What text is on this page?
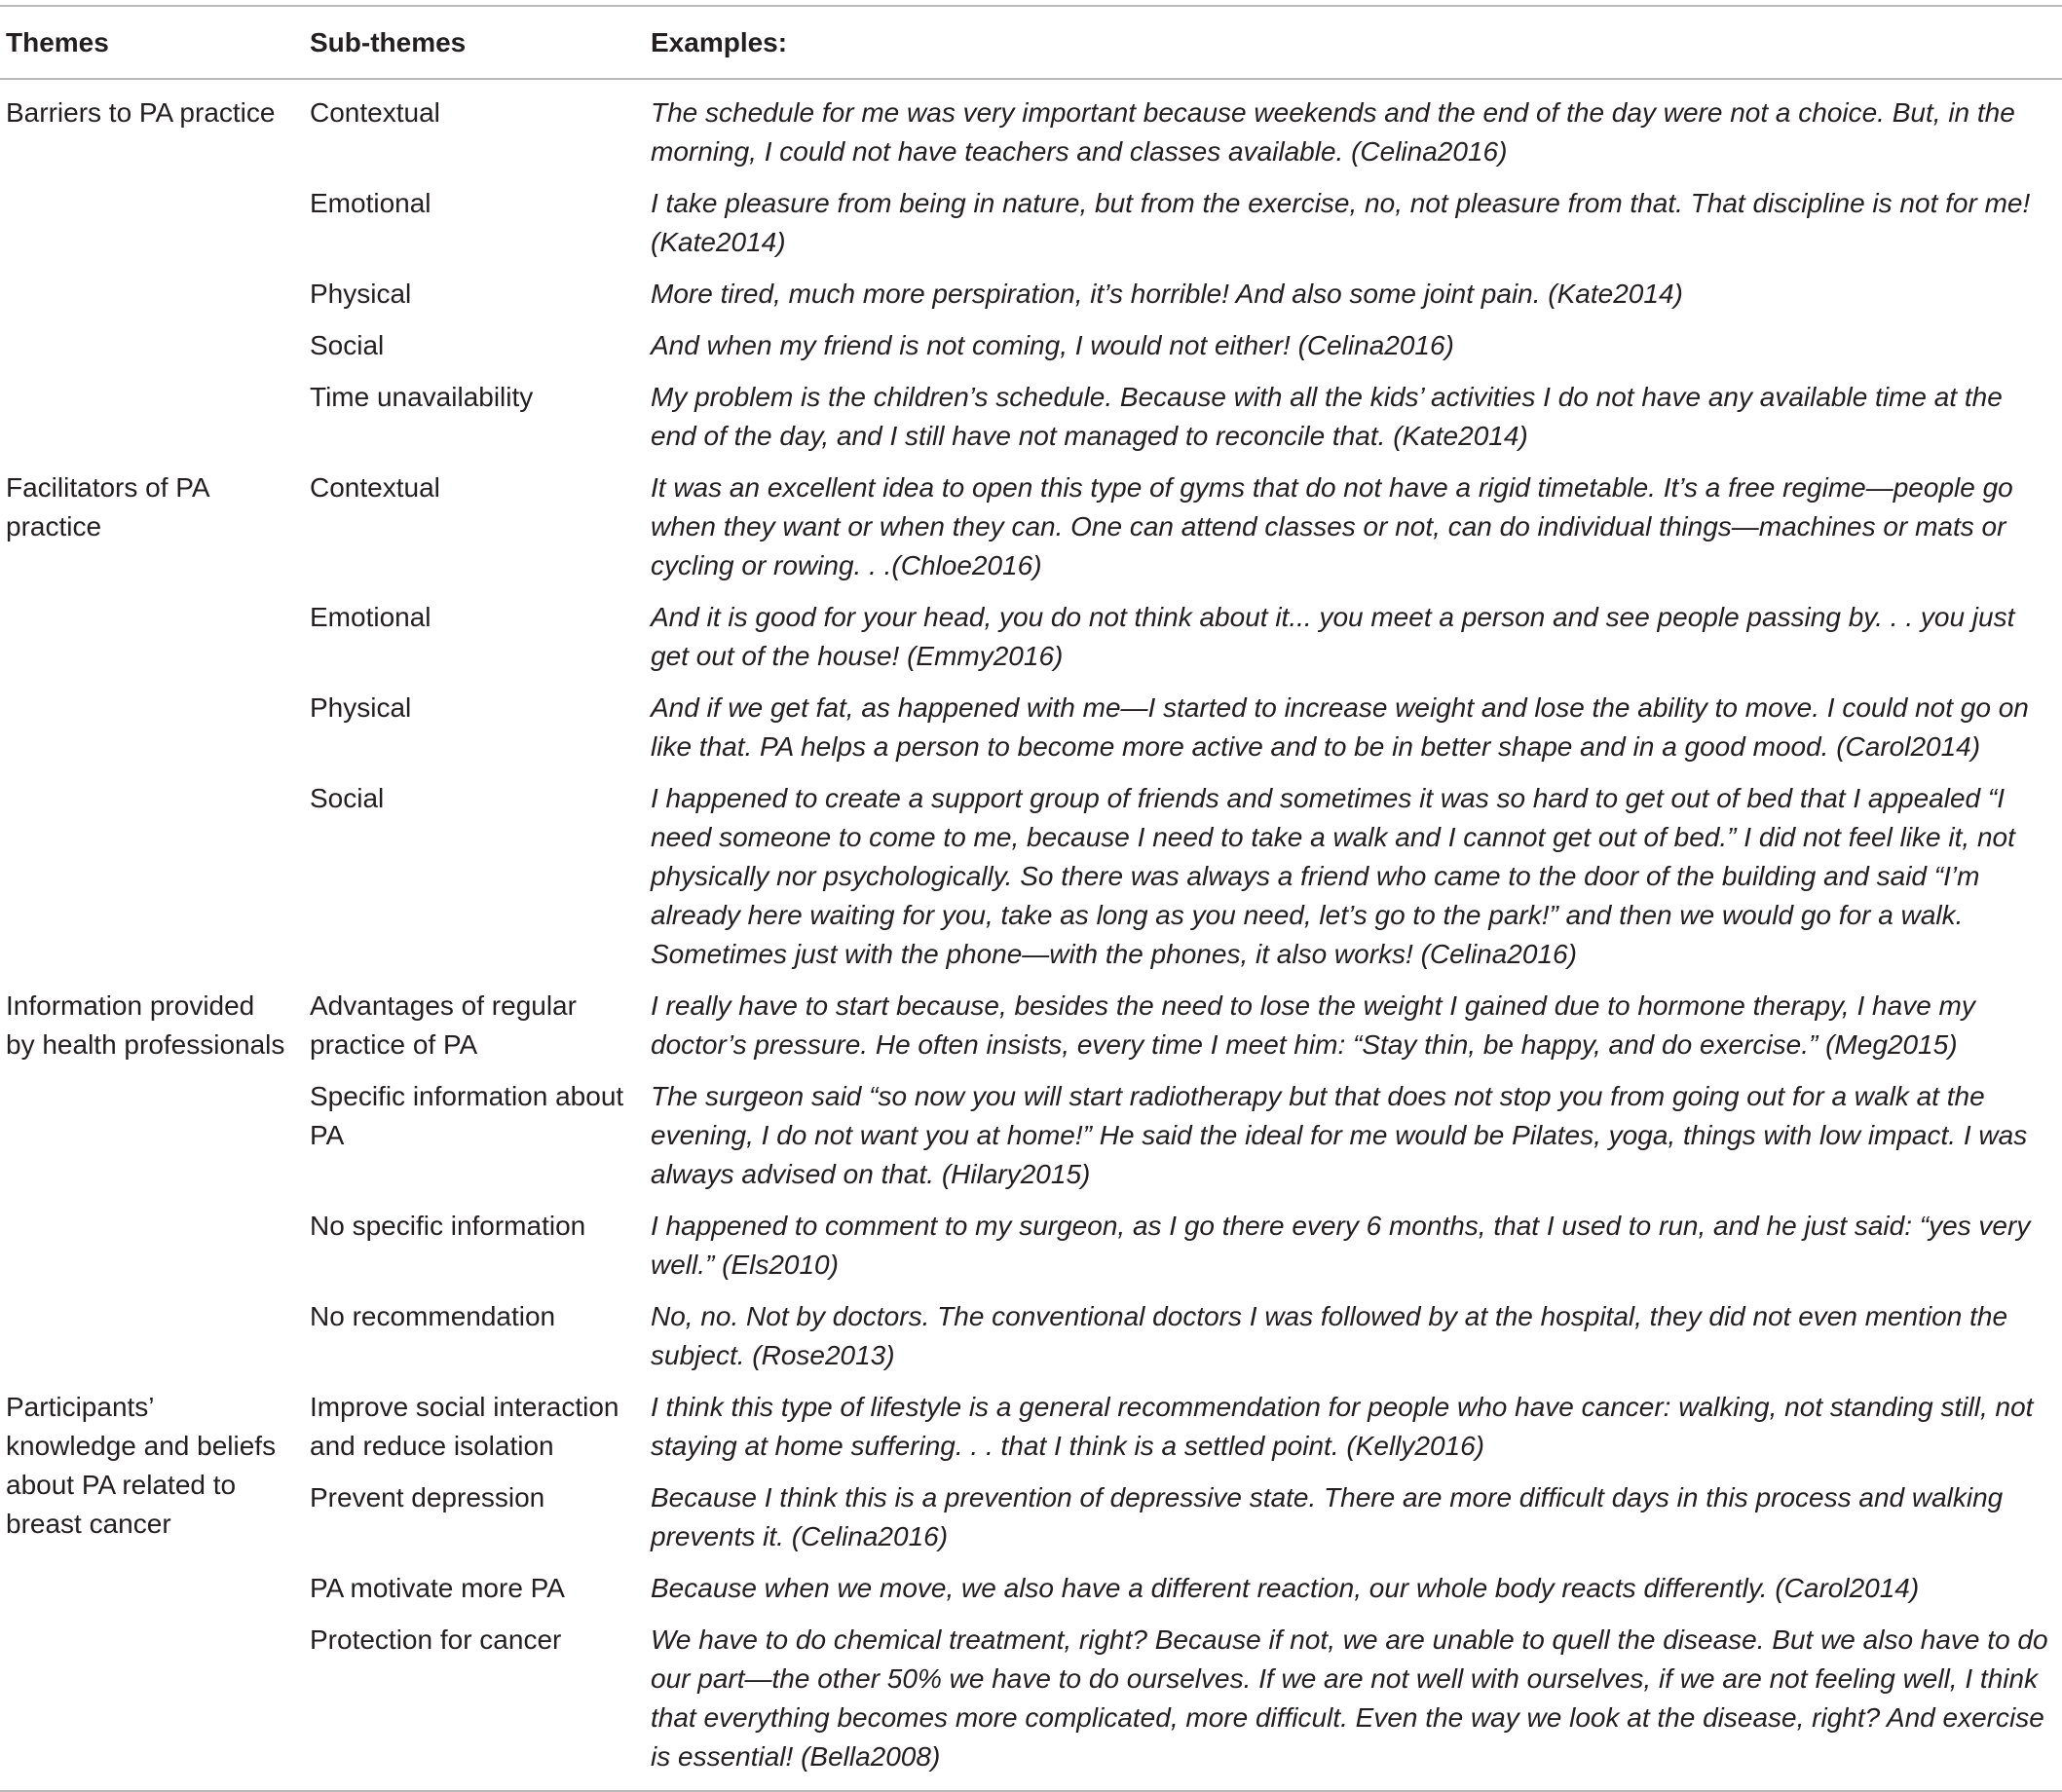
Themes	Sub-themes	Examples:
Barriers to PA practice	Contextual	The schedule for me was very important because weekends and the end of the day were not a choice. But, in the morning, I could not have teachers and classes available. (Celina2016)
	Emotional	I take pleasure from being in nature, but from the exercise, no, not pleasure from that. That discipline is not for me! (Kate2014)
	Physical	More tired, much more perspiration, it’s horrible! And also some joint pain. (Kate2014)
	Social	And when my friend is not coming, I would not either! (Celina2016)
	Time unavailability	My problem is the children’s schedule. Because with all the kids’ activities I do not have any available time at the end of the day, and I still have not managed to reconcile that. (Kate2014)
Facilitators of PA practice	Contextual	It was an excellent idea to open this type of gyms that do not have a rigid timetable. It’s a free regime—people go when they want or when they can. One can attend classes or not, can do individual things—machines or mats or cycling or rowing. . .(Chloe2016)
	Emotional	And it is good for your head, you do not think about it... you meet a person and see people passing by. . . you just get out of the house! (Emmy2016)
	Physical	And if we get fat, as happened with me—I started to increase weight and lose the ability to move. I could not go on like that. PA helps a person to become more active and to be in better shape and in a good mood. (Carol2014)
	Social	I happened to create a support group of friends and sometimes it was so hard to get out of bed that I appealed “I need someone to come to me, because I need to take a walk and I cannot get out of bed.” I did not feel like it, not physically nor psychologically. So there was always a friend who came to the door of the building and said “I’m already here waiting for you, take as long as you need, let’s go to the park!” and then we would go for a walk. Sometimes just with the phone—with the phones, it also works! (Celina2016)
Information provided by health professionals	Advantages of regular practice of PA	I really have to start because, besides the need to lose the weight I gained due to hormone therapy, I have my doctor’s pressure. He often insists, every time I meet him: “Stay thin, be happy, and do exercise.” (Meg2015)
	Specific information about PA	The surgeon said “so now you will start radiotherapy but that does not stop you from going out for a walk at the evening, I do not want you at home!” He said the ideal for me would be Pilates, yoga, things with low impact. I was always advised on that. (Hilary2015)
	No specific information	I happened to comment to my surgeon, as I go there every 6 months, that I used to run, and he just said: “yes very well.” (Els2010)
	No recommendation	No, no. Not by doctors. The conventional doctors I was followed by at the hospital, they did not even mention the subject. (Rose2013)
Participants’ knowledge and beliefs about PA related to breast cancer	Improve social interaction and reduce isolation	I think this type of lifestyle is a general recommendation for people who have cancer: walking, not standing still, not staying at home suffering. . . that I think is a settled point. (Kelly2016)
	Prevent depression	Because I think this is a prevention of depressive state. There are more difficult days in this process and walking prevents it. (Celina2016)
	PA motivate more PA	Because when we move, we also have a different reaction, our whole body reacts differently. (Carol2014)
	Protection for cancer	We have to do chemical treatment, right? Because if not, we are unable to quell the disease. But we also have to do our part—the other 50% we have to do ourselves. If we are not well with ourselves, if we are not feeling well, I think that everything becomes more complicated, more difficult. Even the way we look at the disease, right? And exercise is essential! (Bella2008)
